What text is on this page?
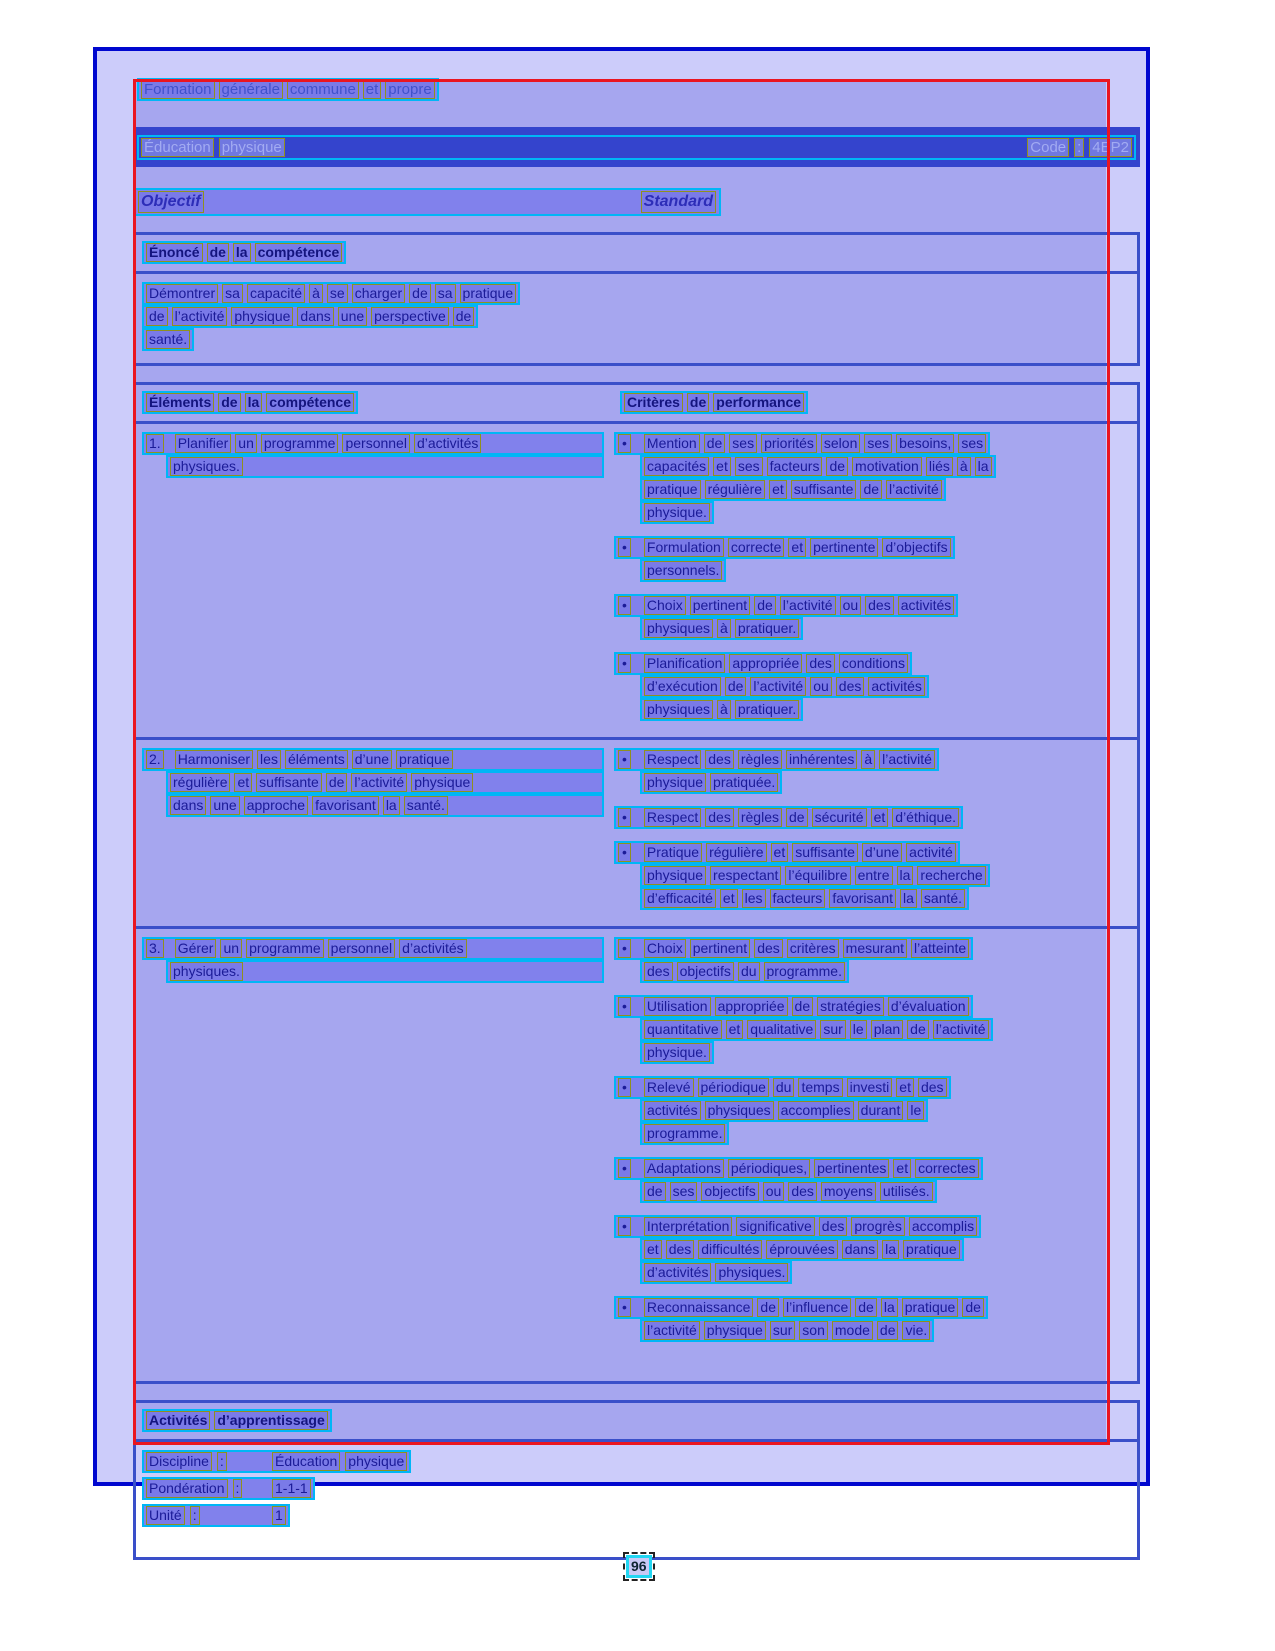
Formation générale commune et propre
Éducation physique	Code : 4EP2
Objectif	Standard
Énoncé de la compétence
Démontrer sa capacité à se charger de sa pratique
de l’activité physique dans une perspective de
santé.
Éléments de la compétence	Critères de performance
1. Planifier un programme personnel d’activités
physiques.
• Mention de ses priorités selon ses besoins, ses
capacités et ses facteurs de motivation liés à la
pratique régulière et suffisante de l’activité
physique.
• Formulation correcte et pertinente d’objectifs
personnels.
• Choix pertinent de l’activité ou des activités
physiques à pratiquer.
• Planification appropriée des conditions
d’exécution de l’activité ou des activités
physiques à pratiquer.
2. Harmoniser les éléments d’une pratique
régulière et suffisante de l’activité physique
dans une approche favorisant la santé.
• Respect des règles inhérentes à l’activité
physique pratiquée.
• Respect des règles de sécurité et d’éthique.
• Pratique régulière et suffisante d’une activité
physique respectant l’équilibre entre la recherche
d’efficacité et les facteurs favorisant la santé.
3. Gérer un programme personnel d’activités
physiques.
• Choix pertinent des critères mesurant l’atteinte
des objectifs du programme.
• Utilisation appropriée de stratégies d’évaluation
quantitative et qualitative sur le plan de l’activité
physique.
• Relevé périodique du temps investi et des
activités physiques accomplies durant le
programme.
• Adaptations périodiques, pertinentes et correctes
de ses objectifs ou des moyens utilisés.
• Interprétation significative des progrès accomplis
et des difficultés éprouvées dans la pratique
d’activités physiques.
• Reconnaissance de l’influence de la pratique de
l’activité physique sur son mode de vie.
Activités d’apprentissage
Discipline :	Éducation physique
Pondération :	1-1-1
Unité :	1
96
